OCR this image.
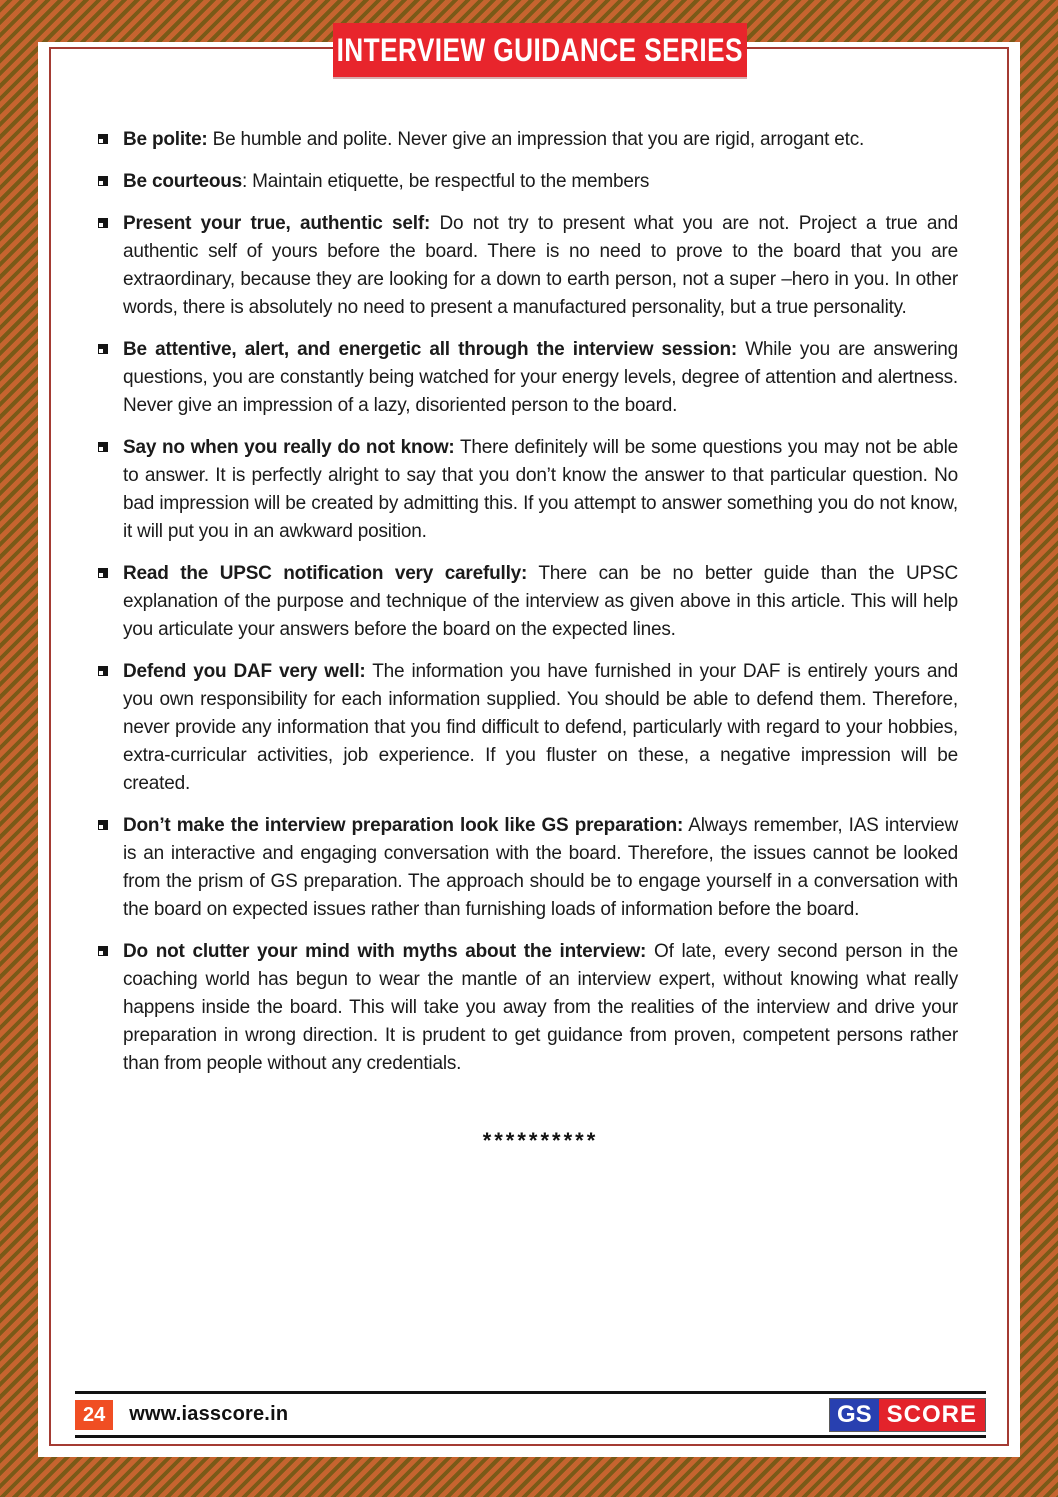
INTERVIEW GUIDANCE SERIES
Be polite: Be humble and polite. Never give an impression that you are rigid, arrogant etc.
Be courteous: Maintain etiquette, be respectful to the members
Present your true, authentic self: Do not try to present what you are not. Project a true and authentic self of yours before the board. There is no need to prove to the board that you are extraordinary, because they are looking for a down to earth person, not a super –hero in you. In other words, there is absolutely no need to present a manufactured personality, but a true personality.
Be attentive, alert, and energetic all through the interview session: While you are answering questions, you are constantly being watched for your energy levels, degree of attention and alertness. Never give an impression of a lazy, disoriented person to the board.
Say no when you really do not know: There definitely will be some questions you may not be able to answer. It is perfectly alright to say that you don’t know the answer to that particular question. No bad impression will be created by admitting this. If you attempt to answer something you do not know, it will put you in an awkward position.
Read the UPSC notification very carefully: There can be no better guide than the UPSC explanation of the purpose and technique of the interview as given above in this article. This will help you articulate your answers before the board on the expected lines.
Defend you DAF very well: The information you have furnished in your DAF is entirely yours and you own responsibility for each information supplied. You should be able to defend them. Therefore, never provide any information that you find difficult to defend, particularly with regard to your hobbies, extra-curricular activities, job experience. If you fluster on these, a negative impression will be created.
Don’t make the interview preparation look like GS preparation: Always remember, IAS interview is an interactive and engaging conversation with the board. Therefore, the issues cannot be looked from the prism of GS preparation. The approach should be to engage yourself in a conversation with the board on expected issues rather than furnishing loads of information before the board.
Do not clutter your mind with myths about the interview: Of late, every second person in the coaching world has begun to wear the mantle of an interview expert, without knowing what really happens inside the board. This will take you away from the realities of the interview and drive your preparation in wrong direction. It is prudent to get guidance from proven, competent persons rather than from people without any credentials.
**********
24	www.iasscore.in	GS SCORE
